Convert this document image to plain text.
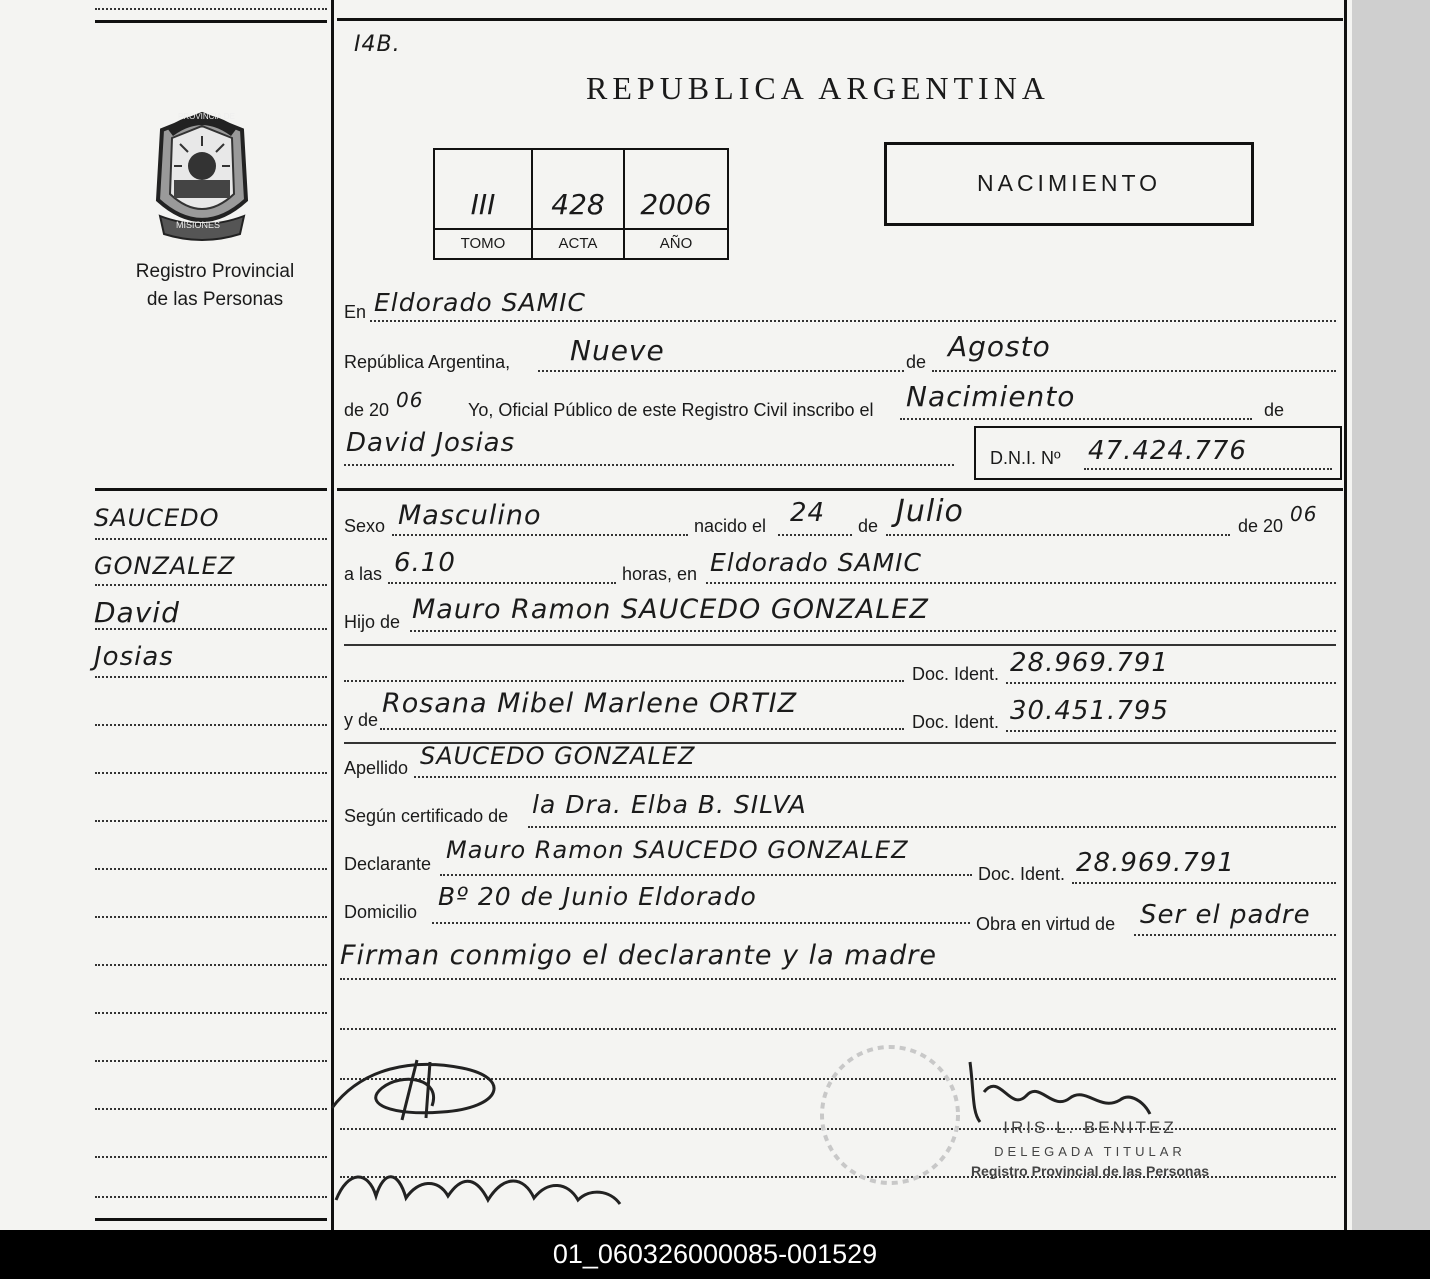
PROVINCIA DE
MISIONES
Registro Provincial
de las Personas
I4B.
REPUBLICA ARGENTINA
III
TOMO
428
ACTA
2006
AÑO
NACIMIENTO
En Eldorado SAMIC
República Argentina, Nueve	de Agosto
de 20 06 Yo, Oficial Público de este Registro Civil inscribo el Nacimiento	de
David Josias	D.N.I. Nº 47.424.776
SAUCEDO
GONZALEZ
David
Josias
Sexo Masculino	nacido el 24 de Julio	de 20 06
a las 6.10	horas, en Eldorado SAMIC
Hijo de Mauro Ramon SAUCEDO GONZALEZ
Doc. Ident. 28.969.791
y de
Rosana Mibel Marlene ORTIZ
Doc. Ident. 30.451.795
Apellido SAUCEDO GONZALEZ
Según certificado de la Dra. Elba B. SILVA
Declarante Mauro Ramon SAUCEDO GONZALEZ
Doc. Ident. 28.969.791
Domicilio
Bº 20 de Junio Eldorado
Obra en virtud de Ser el padre
Firman conmigo el declarante y la madre
IRIS L. BENITEZ
DELEGADA TITULAR
Registro Provincial de las Personas
01_060326000085-001529
